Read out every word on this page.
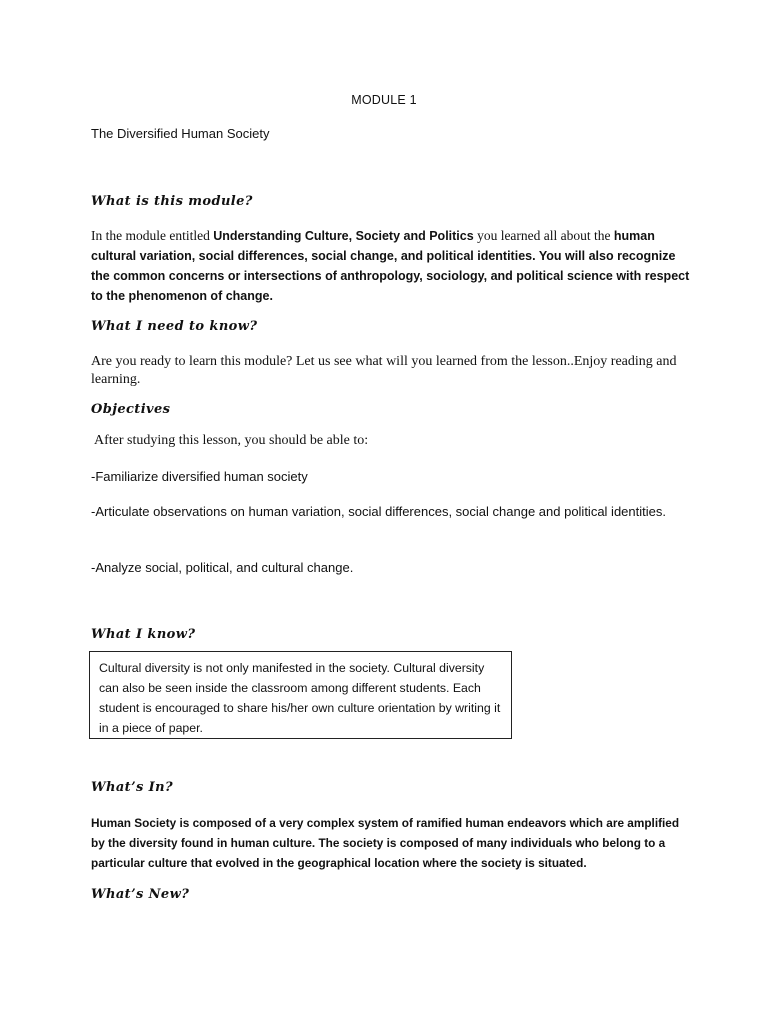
MODULE 1
The Diversified Human Society
What is this module?
In the module entitled Understanding Culture, Society and Politics you learned all about the human cultural variation, social differences, social change, and political identities. You will also recognize the common concerns or intersections of anthropology, sociology, and political science with respect to the phenomenon of change.
What I need to know?
Are you ready to learn this module? Let us see what will you learned from the lesson..Enjoy reading and learning.
Objectives
After studying this lesson, you should be able to:
-Familiarize diversified human society
-Articulate observations on human variation, social differences, social change and political identities.
-Analyze social, political, and cultural change.
What I know?
Cultural diversity is not only manifested in the society. Cultural diversity can also be seen inside the classroom among different students. Each student is encouraged to share his/her own culture orientation by writing it in a piece of paper.
What’s In?
Human Society is composed of a very complex system of ramified human endeavors which are amplified by the diversity found in human culture. The society is composed of many individuals who belong to a particular culture that evolved in the geographical location where the society is situated.
What’s New?
